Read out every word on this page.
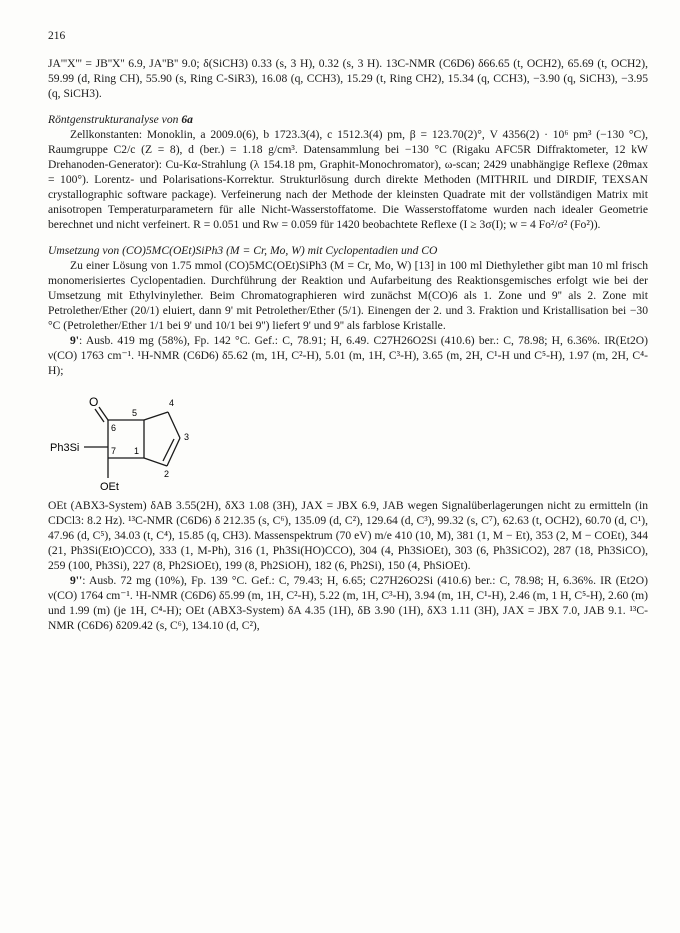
216

JA'''X''' = JB''X'' 6.9, JA''B'' 9.0; δ(SiCH3) 0.33 (s, 3 H), 0.32 (s, 3 H). 13C-NMR (C6D6) δ66.65 (t, OCH2), 65.69 (t, OCH2), 59.99 (d, Ring CH), 55.90 (s, Ring C-SiR3), 16.08 (q, CCH3), 15.29 (t, Ring CH2), 15.34 (q, CCH3), −3.90 (q, SiCH3), −3.95 (q, SiCH3).

Röntgenstrukturanalyse von 6a

Zellkonstanten: Monoklin, a 2009.0(6), b 1723.3(4), c 1512.3(4) pm, β = 123.70(2)°, V 4356(2) · 10⁶ pm³ (−130 °C), Raumgruppe C2/c (Z = 8), d (ber.) = 1.18 g/cm³. Datensammlung bei −130 °C (Rigaku AFC5R Diffraktometer, 12 kW Drehanoden-Generator): Cu-Kα-Strahlung (λ 154.18 pm, Graphit-Monochromator), ω-scan; 2429 unabhängige Reflexe (2θmax = 100°). Lorentz- und Polarisations-Korrektur. Strukturlösung durch direkte Methoden (MITHRIL und DIRDIF, TEXSAN crystallographic software package). Verfeinerung nach der Methode der kleinsten Quadrate mit der vollständigen Matrix mit anisotropen Temperaturparametern für alle Nicht-Wasserstoffatome. Die Wasserstoffatome wurden nach idealer Geometrie berechnet und nicht verfeinert. R = 0.051 und Rw = 0.059 für 1420 beobachtete Reflexe (I ≥ 3σ(I); w = 4 Fo²/σ² (Fo²)).

Umsetzung von (CO)5MC(OEt)SiPh3 (M = Cr, Mo, W) mit Cyclopentadien und CO

Zu einer Lösung von 1.75 mmol (CO)5MC(OEt)SiPh3 (M = Cr, Mo, W) [13] in 100 ml Diethylether gibt man 10 ml frisch monomerisiertes Cyclopentadien. Durchführung der Reaktion und Aufarbeitung des Reaktionsgemisches erfolgt wie bei der Umsetzung mit Ethylvinylether. Beim Chromatographieren wird zunächst M(CO)6 als 1. Zone und 9'' als 2. Zone mit Petrolether/Ether (20/1) eluiert, dann 9' mit Petrolether/Ether (5/1). Einengen der 2. und 3. Fraktion und Kristallisation bei −30 °C (Petrolether/Ether 1/1 bei 9' und 10/1 bei 9'') liefert 9' und 9'' als farblose Kristalle.

9': Ausb. 419 mg (58%), Fp. 142 °C. Gef.: C, 78.91; H, 6.49. C27H26O2Si (410.6) ber.: C, 78.98; H, 6.36%. IR(Et2O) ν(CO) 1763 cm⁻¹. ¹H-NMR (C6D6) δ5.62 (m, 1H, C²-H), 5.01 (m, 1H, C³-H), 3.65 (m, 2H, C¹-H und C⁵-H), 1.97 (m, 2H, C⁴-H);

O
Ph3Si
OEt
1
2
3
4
5
6
7

OEt (ABX3-System) δAB 3.55(2H), δX3 1.08 (3H), JAX = JBX 6.9, JAB wegen Signalüberlagerungen nicht zu ermitteln (in CDCl3: 8.2 Hz). ¹³C-NMR (C6D6) δ 212.35 (s, C⁶), 135.09 (d, C²), 129.64 (d, C³), 99.32 (s, C⁷), 62.63 (t, OCH2), 60.70 (d, C¹), 47.96 (d, C⁵), 34.03 (t, C⁴), 15.85 (q, CH3). Massenspektrum (70 eV) m/e 410 (10, M), 381 (1, M − Et), 353 (2, M − COEt), 344 (21, Ph3Si(EtO)CCO), 333 (1, M-Ph), 316 (1, Ph3Si(HO)CCO), 304 (4, Ph3SiOEt), 303 (6, Ph3SiCO2), 287 (18, Ph3SiCO), 259 (100, Ph3Si), 227 (8, Ph2SiOEt), 199 (8, Ph2SiOH), 182 (6, Ph2Si), 150 (4, PhSiOEt).

9'': Ausb. 72 mg (10%), Fp. 139 °C. Gef.: C, 79.43; H, 6.65; C27H26O2Si (410.6) ber.: C, 78.98; H, 6.36%. IR (Et2O) ν(CO) 1764 cm⁻¹. ¹H-NMR (C6D6) δ5.99 (m, 1H, C²-H), 5.22 (m, 1H, C³-H), 3.94 (m, 1H, C¹-H), 2.46 (m, 1 H, C⁵-H), 2.60 (m) und 1.99 (m) (je 1H, C⁴-H); OEt (ABX3-System) δA 4.35 (1H), δB 3.90 (1H), δX3 1.11 (3H), JAX = JBX 7.0, JAB 9.1. ¹³C-NMR (C6D6) δ209.42 (s, C⁶), 134.10 (d, C²),
